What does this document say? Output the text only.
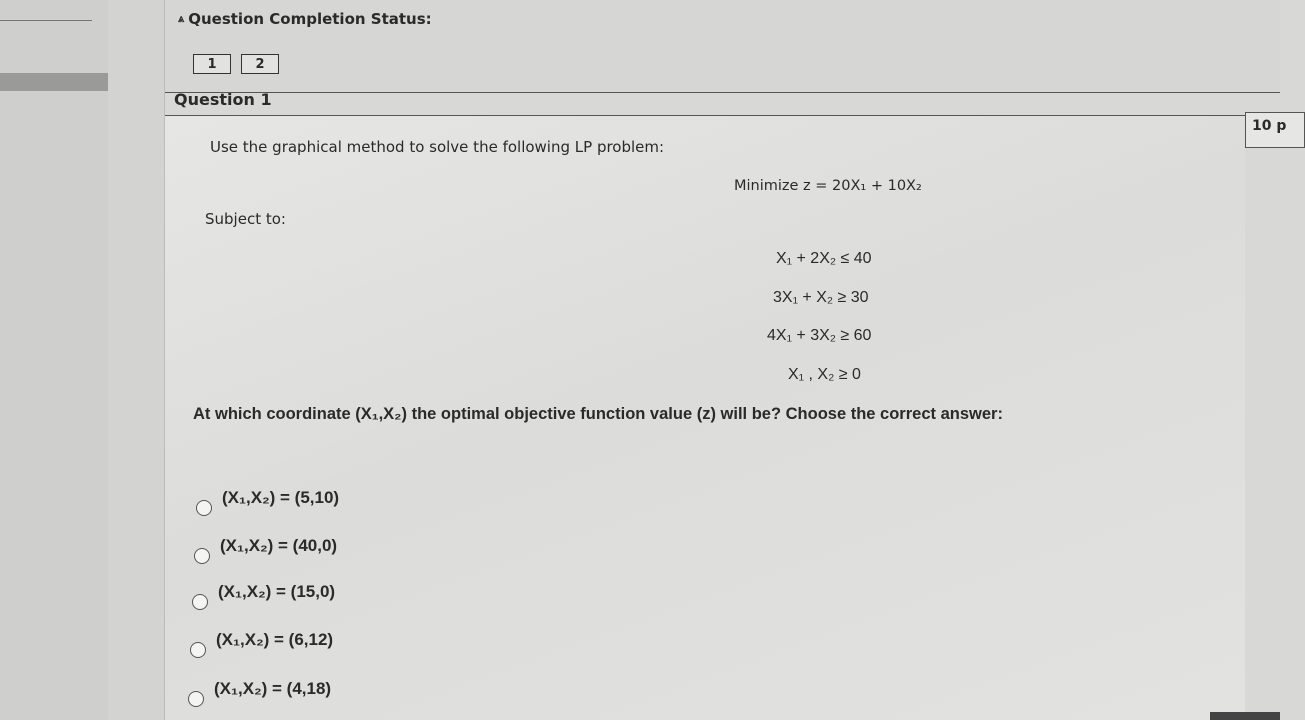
⩓ Question Completion Status:
1	2
Question 1
10 p
Use the graphical method to solve the following LP problem:
Minimize z = 20X₁ + 10X₂
Subject to:
X₁ + 2X₂ ≤ 40
3X₁ + X₂ ≥ 30
4X₁ + 3X₂ ≥ 60
X₁ , X₂ ≥ 0
At which coordinate (X₁,X₂) the optimal objective function value (z) will be? Choose the correct answer:
(X₁,X₂) = (5,10)
(X₁,X₂) = (40,0)
(X₁,X₂) = (15,0)
(X₁,X₂) = (6,12)
(X₁,X₂) = (4,18)
